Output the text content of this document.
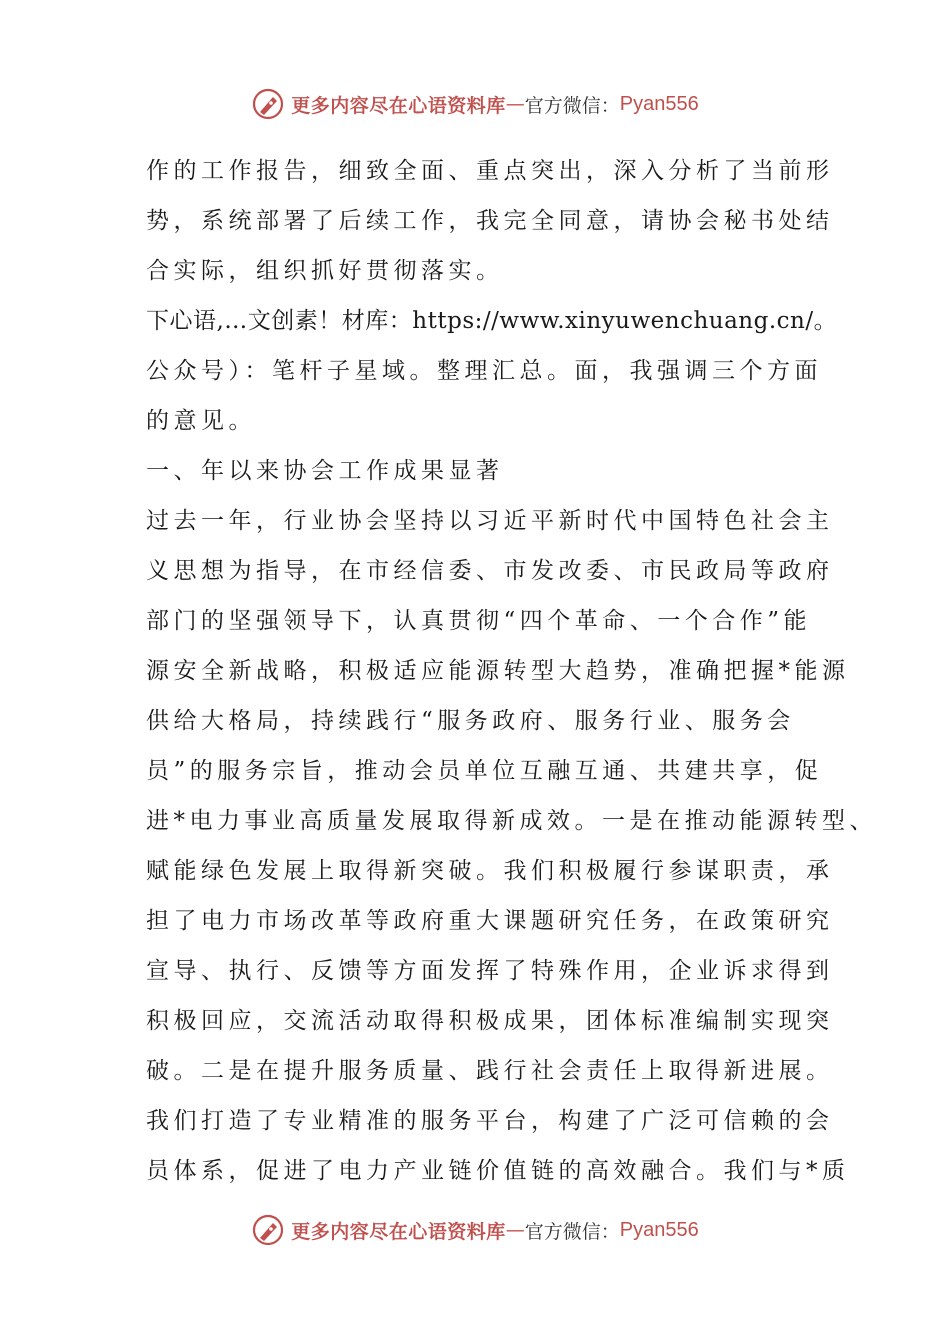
更多内容尽在心语资料库 — 官方微信： Pyan556
作的工作报告，细致全面、重点突出，深入分析了当前形
势，系统部署了后续工作，我完全同意，请协会秘书处结
合实际，组织抓好贯彻落实。
下心语,…文创素！材库：https://www.xinyuwenchuang.cn/。
公众号）：笔杆子星域。整理汇总。面，我强调三个方面
的意见。
一、年以来协会工作成果显著
过去一年，行业协会坚持以习近平新时代中国特色社会主
义思想为指导，在市经信委、市发改委、市民政局等政府
部门的坚强领导下，认真贯彻“四个革命、一个合作”能
源安全新战略，积极适应能源转型大趋势，准确把握*能源
供给大格局，持续践行“服务政府、服务行业、服务会
员”的服务宗旨，推动会员单位互融互通、共建共享，促
进*电力事业高质量发展取得新成效。一是在推动能源转型、
赋能绿色发展上取得新突破。我们积极履行参谋职责，承
担了电力市场改革等政府重大课题研究任务，在政策研究
宣导、执行、反馈等方面发挥了特殊作用，企业诉求得到
积极回应，交流活动取得积极成果，团体标准编制实现突
破。二是在提升服务质量、践行社会责任上取得新进展。
我们打造了专业精准的服务平台，构建了广泛可信赖的会
员体系，促进了电力产业链价值链的高效融合。我们与*质
更多内容尽在心语资料库 — 官方微信： Pyan556
